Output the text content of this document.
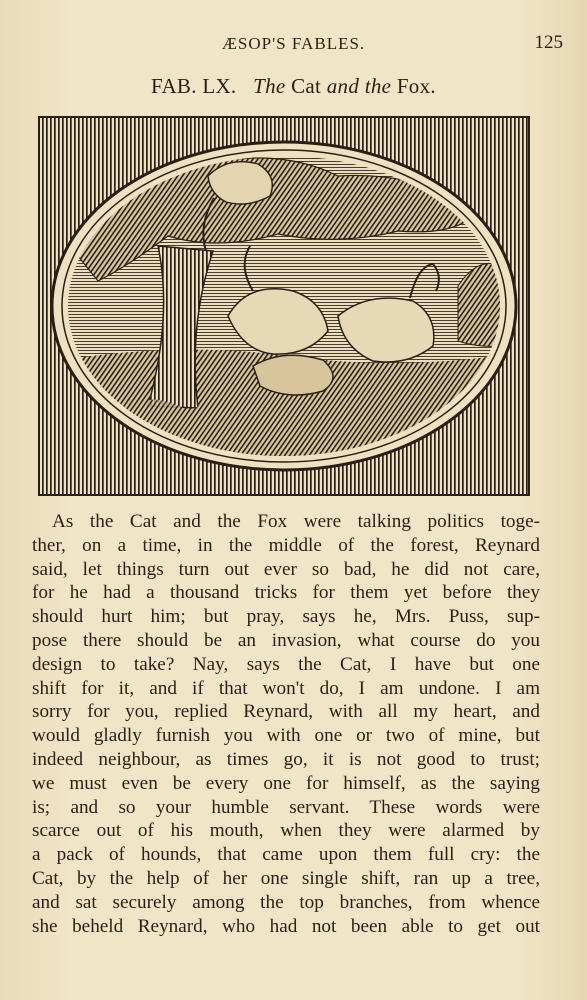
ÆSOP'S FABLES.	125
FAB. LX. The Cat and the Fox.
As the Cat and the Fox were talking politics toge-
ther, on a time, in the middle of the forest, Reynard
said, let things turn out ever so bad, he did not care,
for he had a thousand tricks for them yet before they
should hurt him; but pray, says he, Mrs. Puss, sup-
pose there should be an invasion, what course do you
design to take? Nay, says the Cat, I have but one
shift for it, and if that won't do, I am undone. I am
sorry for you, replied Reynard, with all my heart, and
would gladly furnish you with one or two of mine, but
indeed neighbour, as times go, it is not good to trust;
we must even be every one for himself, as the saying
is; and so your humble servant. These words were
scarce out of his mouth, when they were alarmed by
a pack of hounds, that came upon them full cry: the
Cat, by the help of her one single shift, ran up a tree,
and sat securely among the top branches, from whence
she beheld Reynard, who had not been able to get out
